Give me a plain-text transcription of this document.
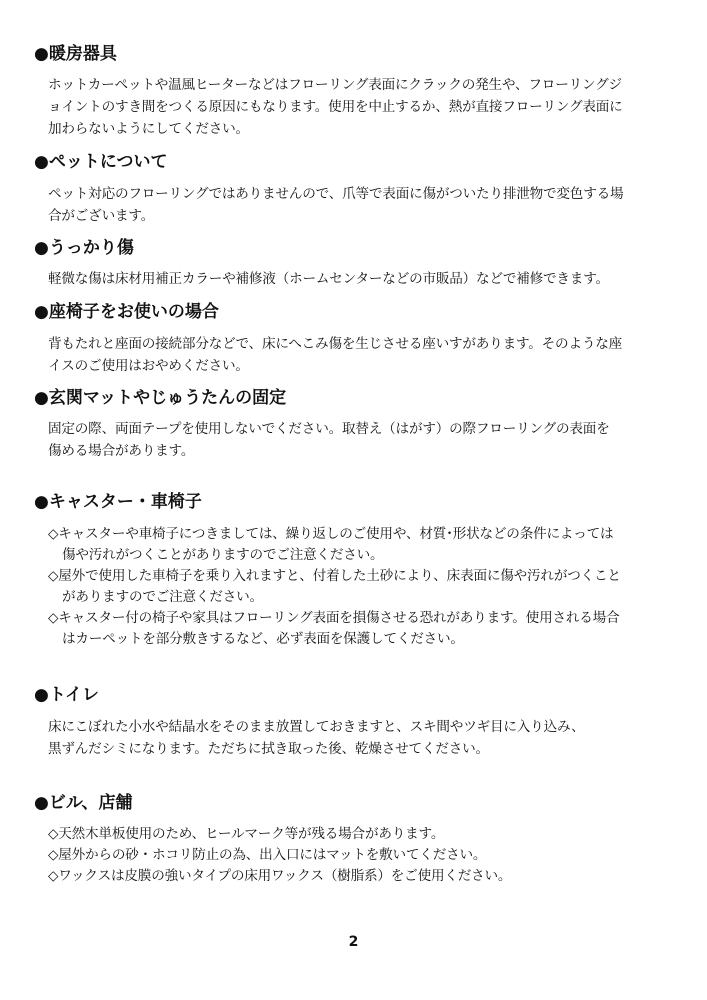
●暖房器具
ホットカーペットや温風ヒーターなどはフローリング表面にクラックの発生や、フローリングジ
ョイントのすき間をつくる原因にもなります。使用を中止するか、熱が直接フローリング表面に
加わらないようにしてください。
●ペットについて
ペット対応のフローリングではありませんので、爪等で表面に傷がついたり排泄物で変色する場
合がございます。
●うっかり傷
軽微な傷は床材用補正カラーや補修液（ホームセンターなどの市販品）などで補修できます。
●座椅子をお使いの場合
背もたれと座面の接続部分などで、床にへこみ傷を生じさせる座いすがあります。そのような座
イスのご使用はおやめください。
●玄関マットやじゅうたんの固定
固定の際、両面テープを使用しないでください。取替え（はがす）の際フローリングの表面を
傷める場合があります。
●キャスター・車椅子
◇キャスターや車椅子につきましては、繰り返しのご使用や、材質･形状などの条件によっては
傷や汚れがつくことがありますのでご注意ください。
◇屋外で使用した車椅子を乗り入れますと、付着した土砂により、床表面に傷や汚れがつくこと
がありますのでご注意ください。
◇キャスター付の椅子や家具はフローリング表面を損傷させる恐れがあります。使用される場合
はカーペットを部分敷きするなど、必ず表面を保護してください。
●トイレ
床にこぼれた小水や結晶水をそのまま放置しておきますと、スキ間やツギ目に入り込み、
黒ずんだシミになります。ただちに拭き取った後、乾燥させてください。
●ビル、店舗
◇天然木単板使用のため、ヒールマーク等が残る場合があります。
◇屋外からの砂・ホコリ防止の為、出入口にはマットを敷いてください。
◇ワックスは皮膜の強いタイプの床用ワックス（樹脂系）をご使用ください。
2
